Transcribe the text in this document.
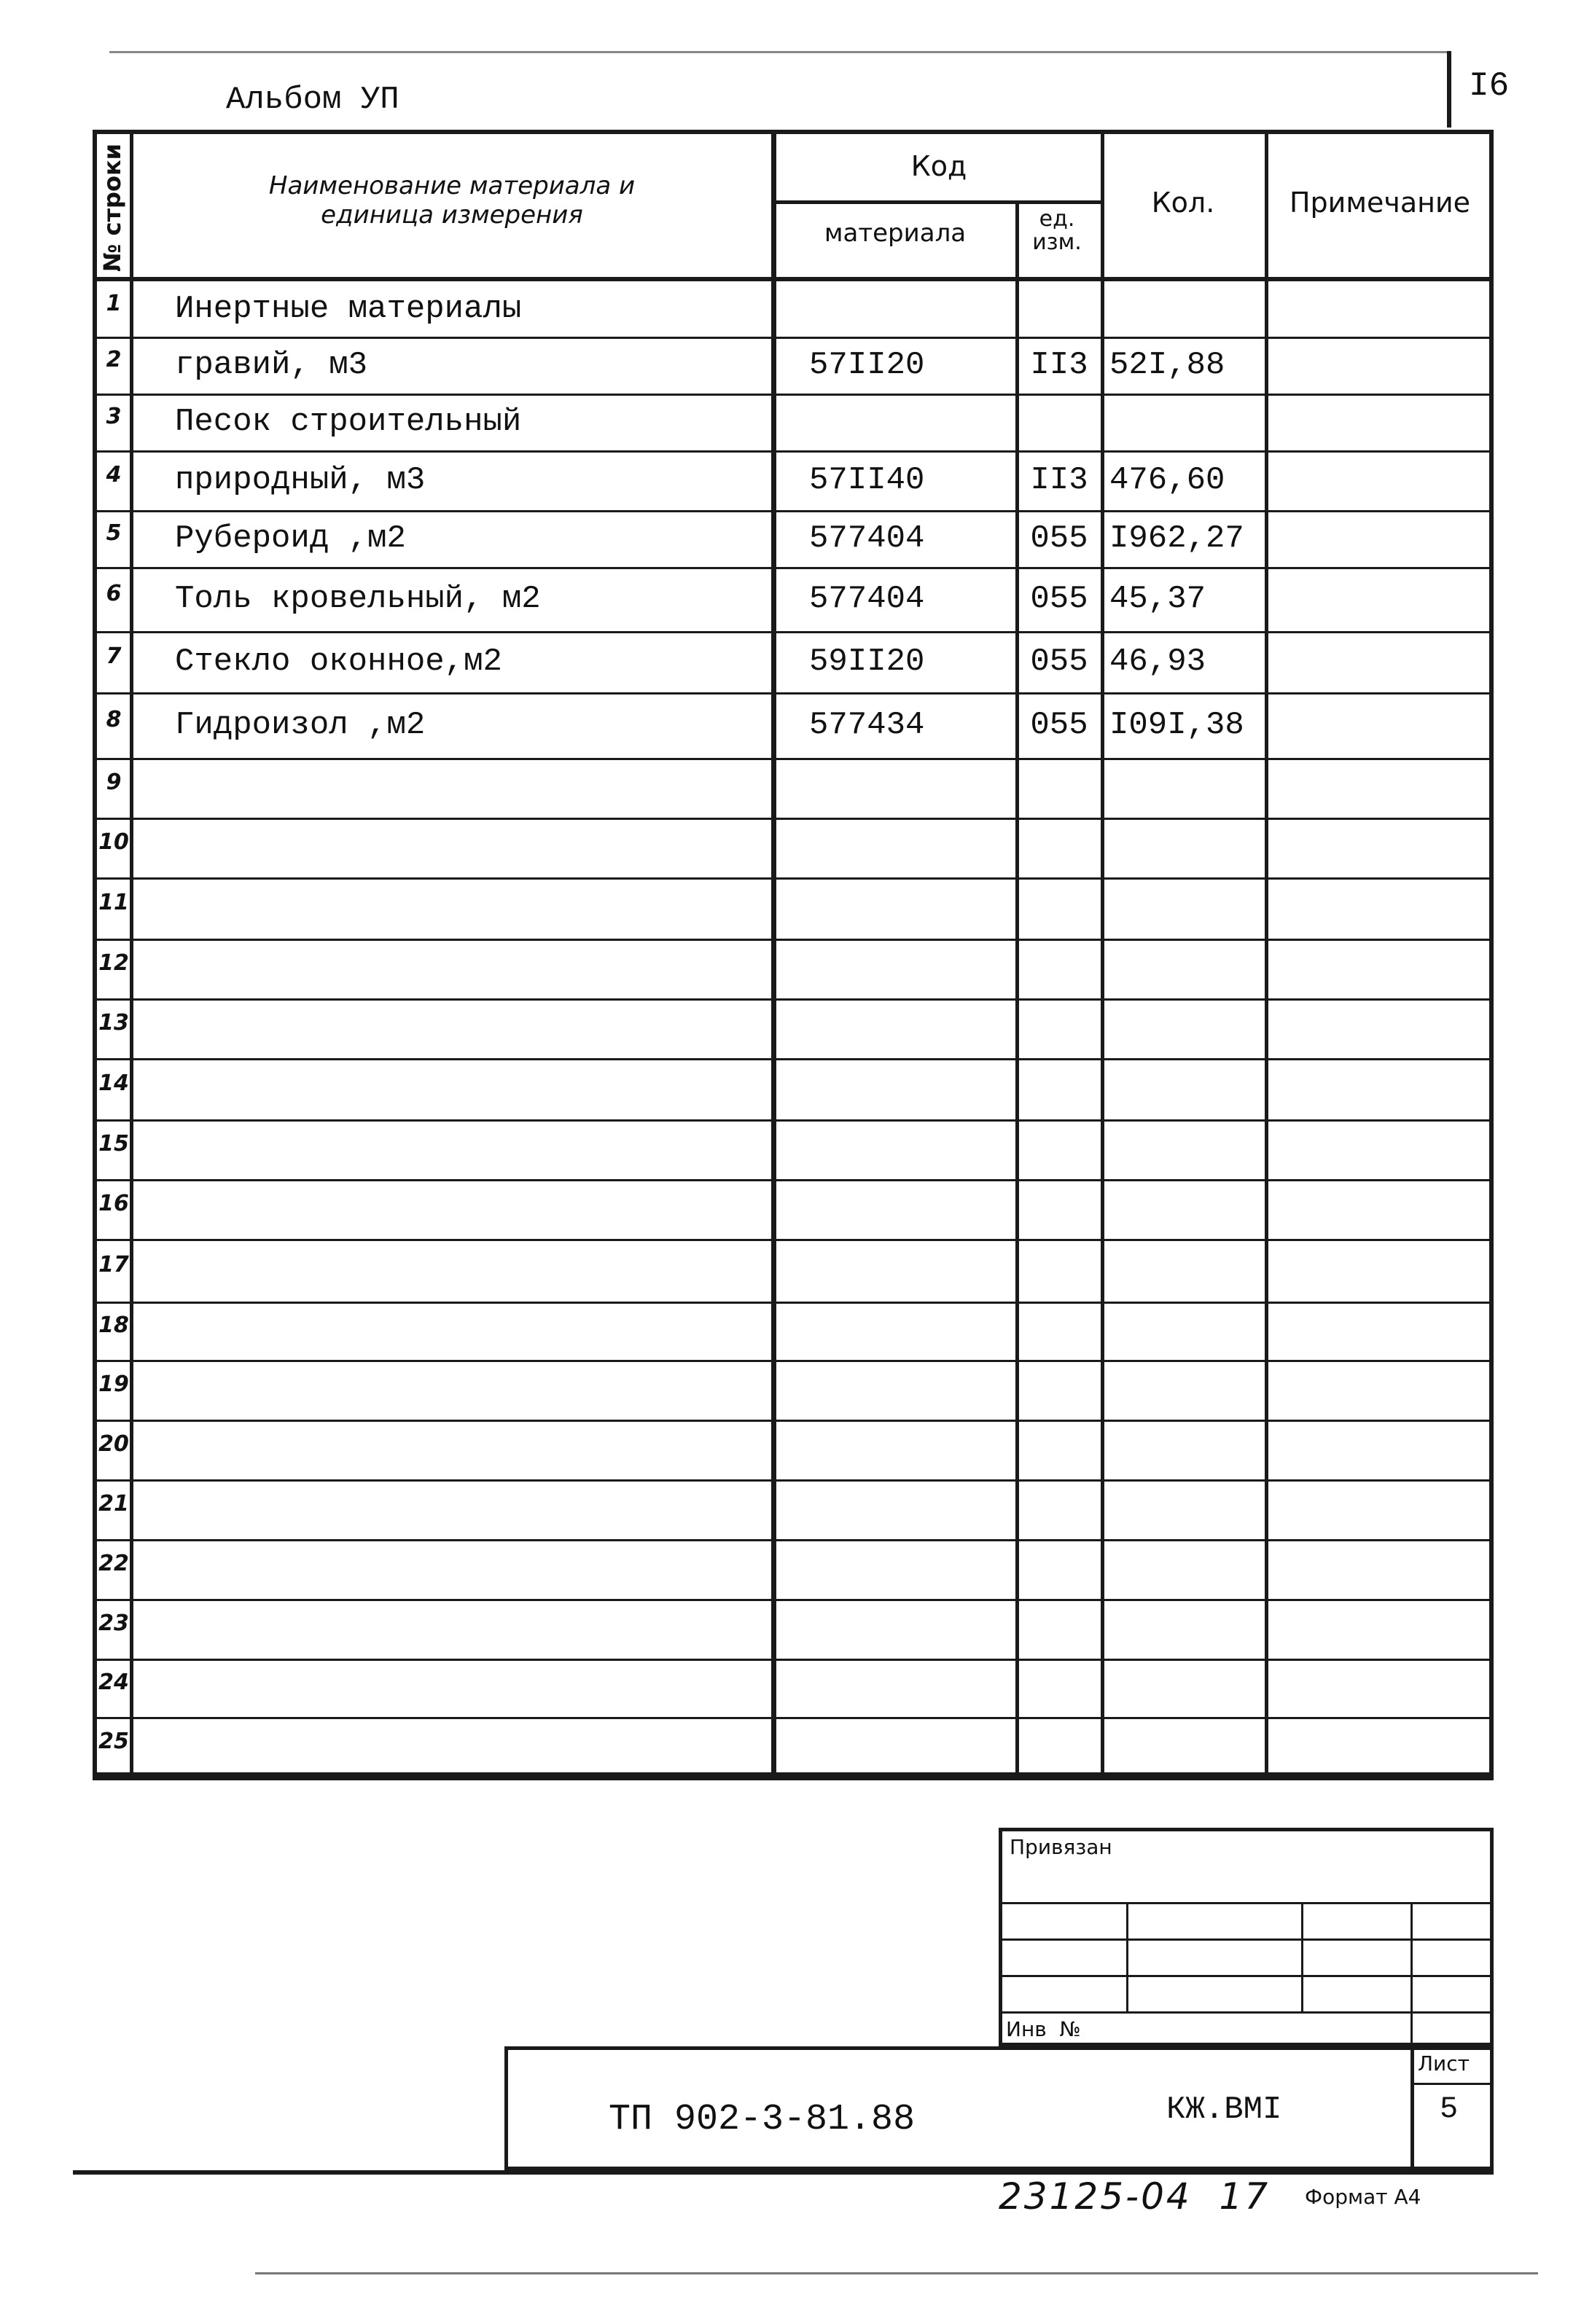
Альбом УП	I6
№ строки	Наименование материала и
единица измерения
Код
материала	ед.
изм.
Кол.	Примечание
Привязан
Инв  №
Лист
5
ТП 902-3-81.88	КЖ.ВМI
23125-04  17 Формат А4
1	Инертные материалы
2	гравий, м3	57II20	II3 52I,88
3	Песок строительный
4	природный, м3	57II40	II3 476,60
5	Рубероид ,м2	577404	055 I962,27
6	Толь кровельный, м2	577404	055 45,37
7	Стекло оконное,м2	59II20	055 46,93
8	Гидроизол ,м2	577434	055 I09I,38
9
10
11
12
13
14
15
16
17
18
19
20
21
22
23
24
25
